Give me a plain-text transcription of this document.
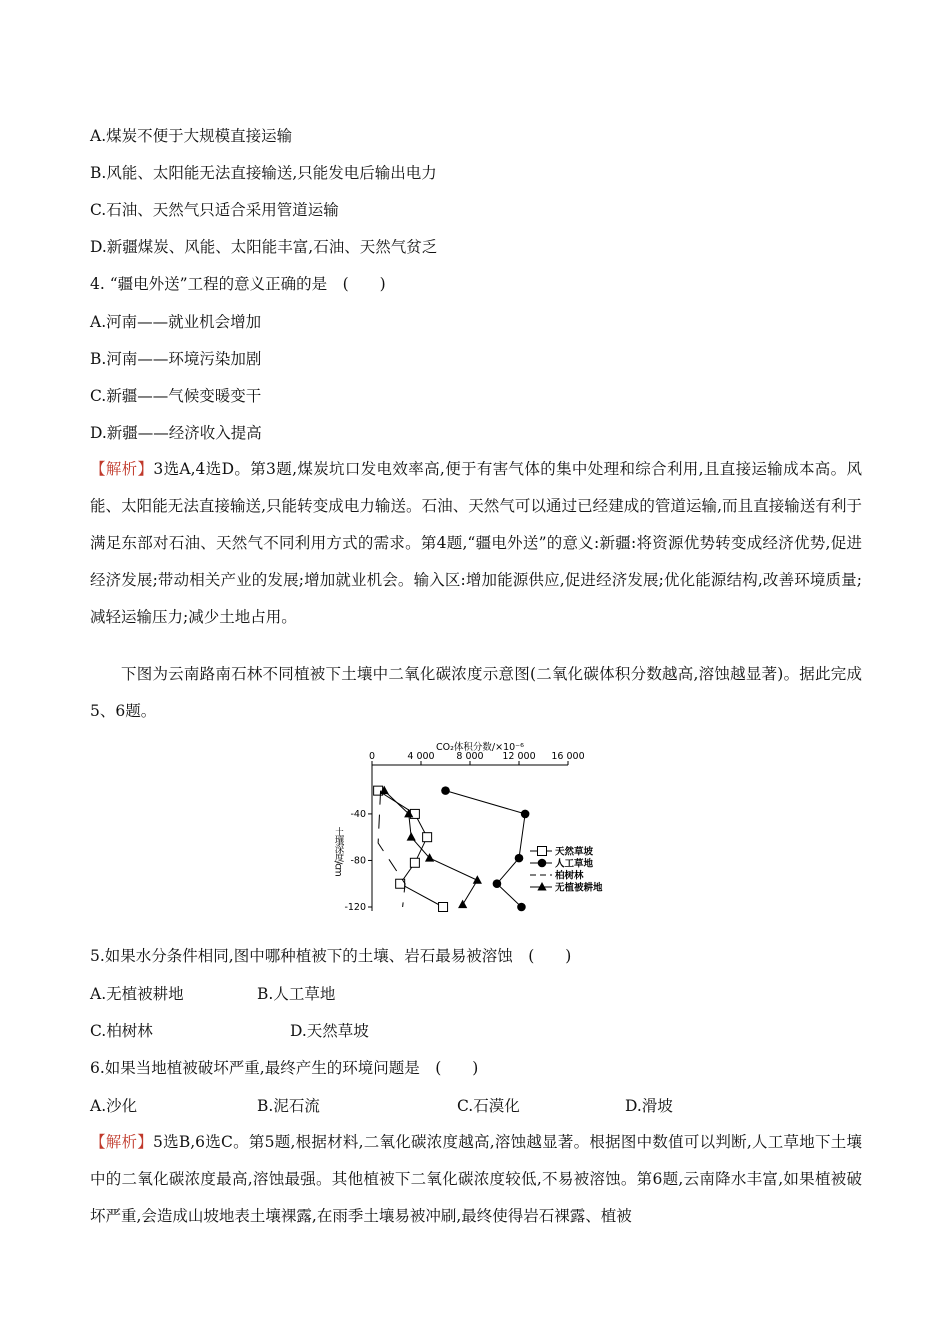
A.煤炭不便于大规模直接运输
B.风能、太阳能无法直接输送,只能发电后输出电力
C.石油、天然气只适合采用管道运输
D.新疆煤炭、风能、太阳能丰富,石油、天然气贫乏
4. “疆电外送”工程的意义正确的是　(　　)
A.河南——就业机会增加
B.河南——环境污染加剧
C.新疆——气候变暖变干
D.新疆——经济收入提高
【解析】3选A,4选D。第3题,煤炭坑口发电效率高,便于有害气体的集中处理和综合利用,且直接运输成本高。风能、太阳能无法直接输送,只能转变成电力输送。石油、天然气可以通过已经建成的管道运输,而且直接输送有利于满足东部对石油、天然气不同利用方式的需求。第4题,“疆电外送”的意义:新疆:将资源优势转变成经济优势,促进经济发展;带动相关产业的发展;增加就业机会。输入区:增加能源供应,促进经济发展;优化能源结构,改善环境质量;减轻运输压力;减少土地占用。
下图为云南路南石林不同植被下土壤中二氧化碳浓度示意图(二氧化碳体积分数越高,溶蚀越显著)。据此完成5、6题。
CO₂体积分数/×10⁻⁶
0	4 000 8 000 12 000 16 000
-40
-80
-120
土壤深度/cm	天然草坡
人工草地
柏树林
无植被耕地
5.如果水分条件相同,图中哪种植被下的土壤、岩石最易被溶蚀　(　　)
A.无植被耕地	B.人工草地
C.柏树林	D.天然草坡
6.如果当地植被破坏严重,最终产生的环境问题是　(　　)
A.沙化	B.泥石流	C.石漠化	D.滑坡
【解析】5选B,6选C。第5题,根据材料,二氧化碳浓度越高,溶蚀越显著。根据图中数值可以判断,人工草地下土壤中的二氧化碳浓度最高,溶蚀最强。其他植被下二氧化碳浓度较低,不易被溶蚀。第6题,云南降水丰富,如果植被破坏严重,会造成山坡地表土壤裸露,在雨季土壤易被冲刷,最终使得岩石裸露、植被
